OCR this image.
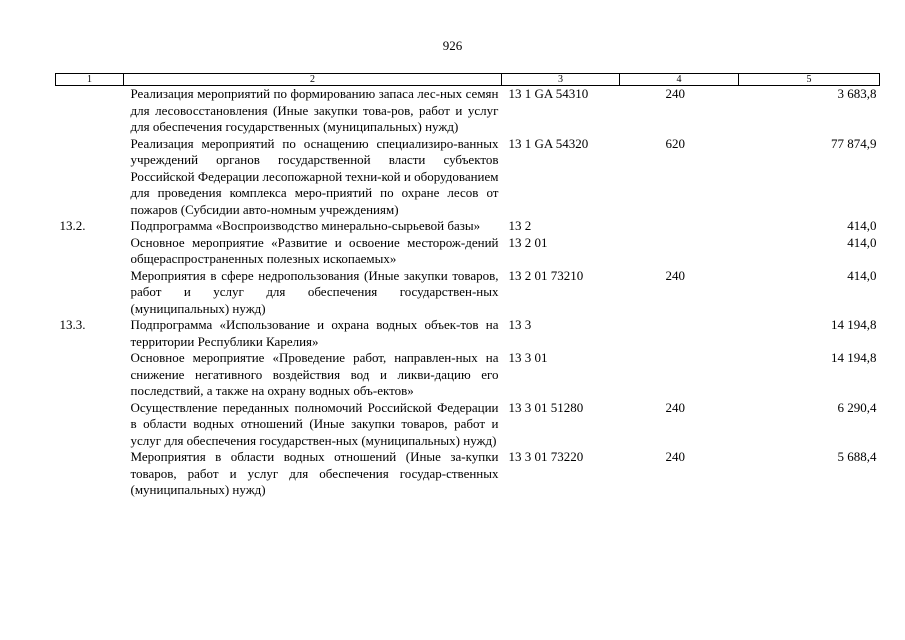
926
1	2	3	4	5
	Реализация мероприятий по формированию запаса лес-ных семян для лесовосстановления (Иные закупки това-ров, работ и услуг для обеспечения государственных (муниципальных) нужд)	13 1 GA 54310	240	3 683,8
	Реализация мероприятий по оснащению специализиро-ванных учреждений органов государственной власти субъектов Российской Федерации лесопожарной техни-кой и оборудованием для проведения комплекса меро-приятий по охране лесов от пожаров (Субсидии авто-номным учреждениям)	13 1 GA 54320	620	77 874,9
13.2.	Подпрограмма «Воспроизводство минерально-сырьевой базы»	13 2		414,0
	Основное мероприятие «Развитие и освоение месторож-дений общераспространенных полезных ископаемых»	13 2 01		414,0
	Мероприятия в сфере недропользования (Иные закупки товаров, работ и услуг для обеспечения государствен-ных (муниципальных) нужд)	13 2 01 73210	240	414,0
13.3.	Подпрограмма «Использование и охрана водных объек-тов на территории Республики Карелия»	13 3		14 194,8
	Основное мероприятие «Проведение работ, направлен-ных на снижение негативного воздействия вод и ликви-дацию его последствий, а также на охрану водных объ-ектов»	13 3 01		14 194,8
	Осуществление переданных полномочий Российской Федерации в области водных отношений (Иные закупки товаров, работ и услуг для обеспечения государствен-ных (муниципальных) нужд)	13 3 01 51280	240	6 290,4
	Мероприятия в области водных отношений (Иные за-купки товаров, работ и услуг для обеспечения государ-ственных (муниципальных) нужд)	13 3 01 73220	240	5 688,4
